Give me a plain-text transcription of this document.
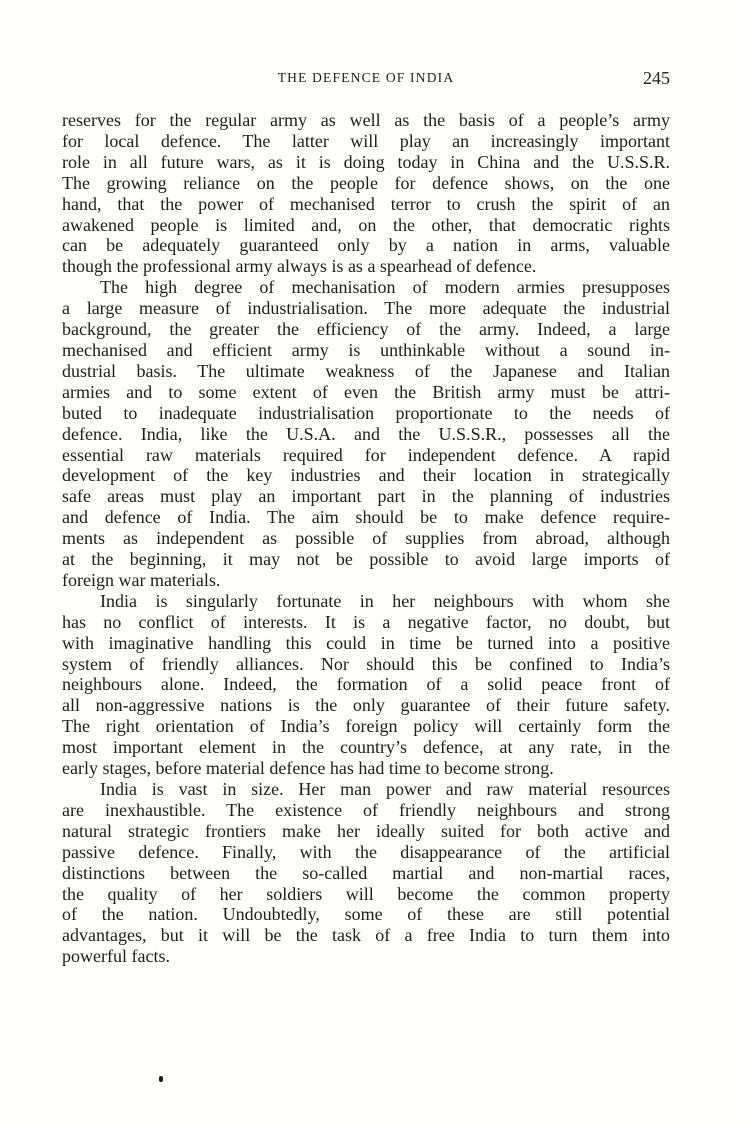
THE DEFENCE OF INDIA	245
reserves for the regular army as well as the basis of a people’s army
for local defence. The latter will play an increasingly important
role in all future wars, as it is doing today in China and the U.S.S.R.
The growing reliance on the people for defence shows, on the one
hand, that the power of mechanised terror to crush the spirit of an
awakened people is limited and, on the other, that democratic rights
can be adequately guaranteed only by a nation in arms, valuable
though the professional army always is as a spearhead of defence.
The high degree of mechanisation of modern armies presupposes
a large measure of industrialisation. The more adequate the industrial
background, the greater the efficiency of the army. Indeed, a large
mechanised and efficient army is unthinkable without a sound in-
dustrial basis. The ultimate weakness of the Japanese and Italian
armies and to some extent of even the British army must be attri-
buted to inadequate industrialisation proportionate to the needs of
defence. India, like the U.S.A. and the U.S.S.R., possesses all the
essential raw materials required for independent defence. A rapid
development of the key industries and their location in strategically
safe areas must play an important part in the planning of industries
and defence of India. The aim should be to make defence require-
ments as independent as possible of supplies from abroad, although
at the beginning, it may not be possible to avoid large imports of
foreign war materials.
India is singularly fortunate in her neighbours with whom she
has no conflict of interests. It is a negative factor, no doubt, but
with imaginative handling this could in time be turned into a positive
system of friendly alliances. Nor should this be confined to India’s
neighbours alone. Indeed, the formation of a solid peace front of
all non-aggressive nations is the only guarantee of their future safety.
The right orientation of India’s foreign policy will certainly form the
most important element in the country’s defence, at any rate, in the
early stages, before material defence has had time to become strong.
India is vast in size. Her man power and raw material resources
are inexhaustible. The existence of friendly neighbours and strong
natural strategic frontiers make her ideally suited for both active and
passive defence. Finally, with the disappearance of the artificial
distinctions between the so-called martial and non-martial races,
the quality of her soldiers will become the common property
of the nation. Undoubtedly, some of these are still potential
advantages, but it will be the task of a free India to turn them into
powerful facts.
